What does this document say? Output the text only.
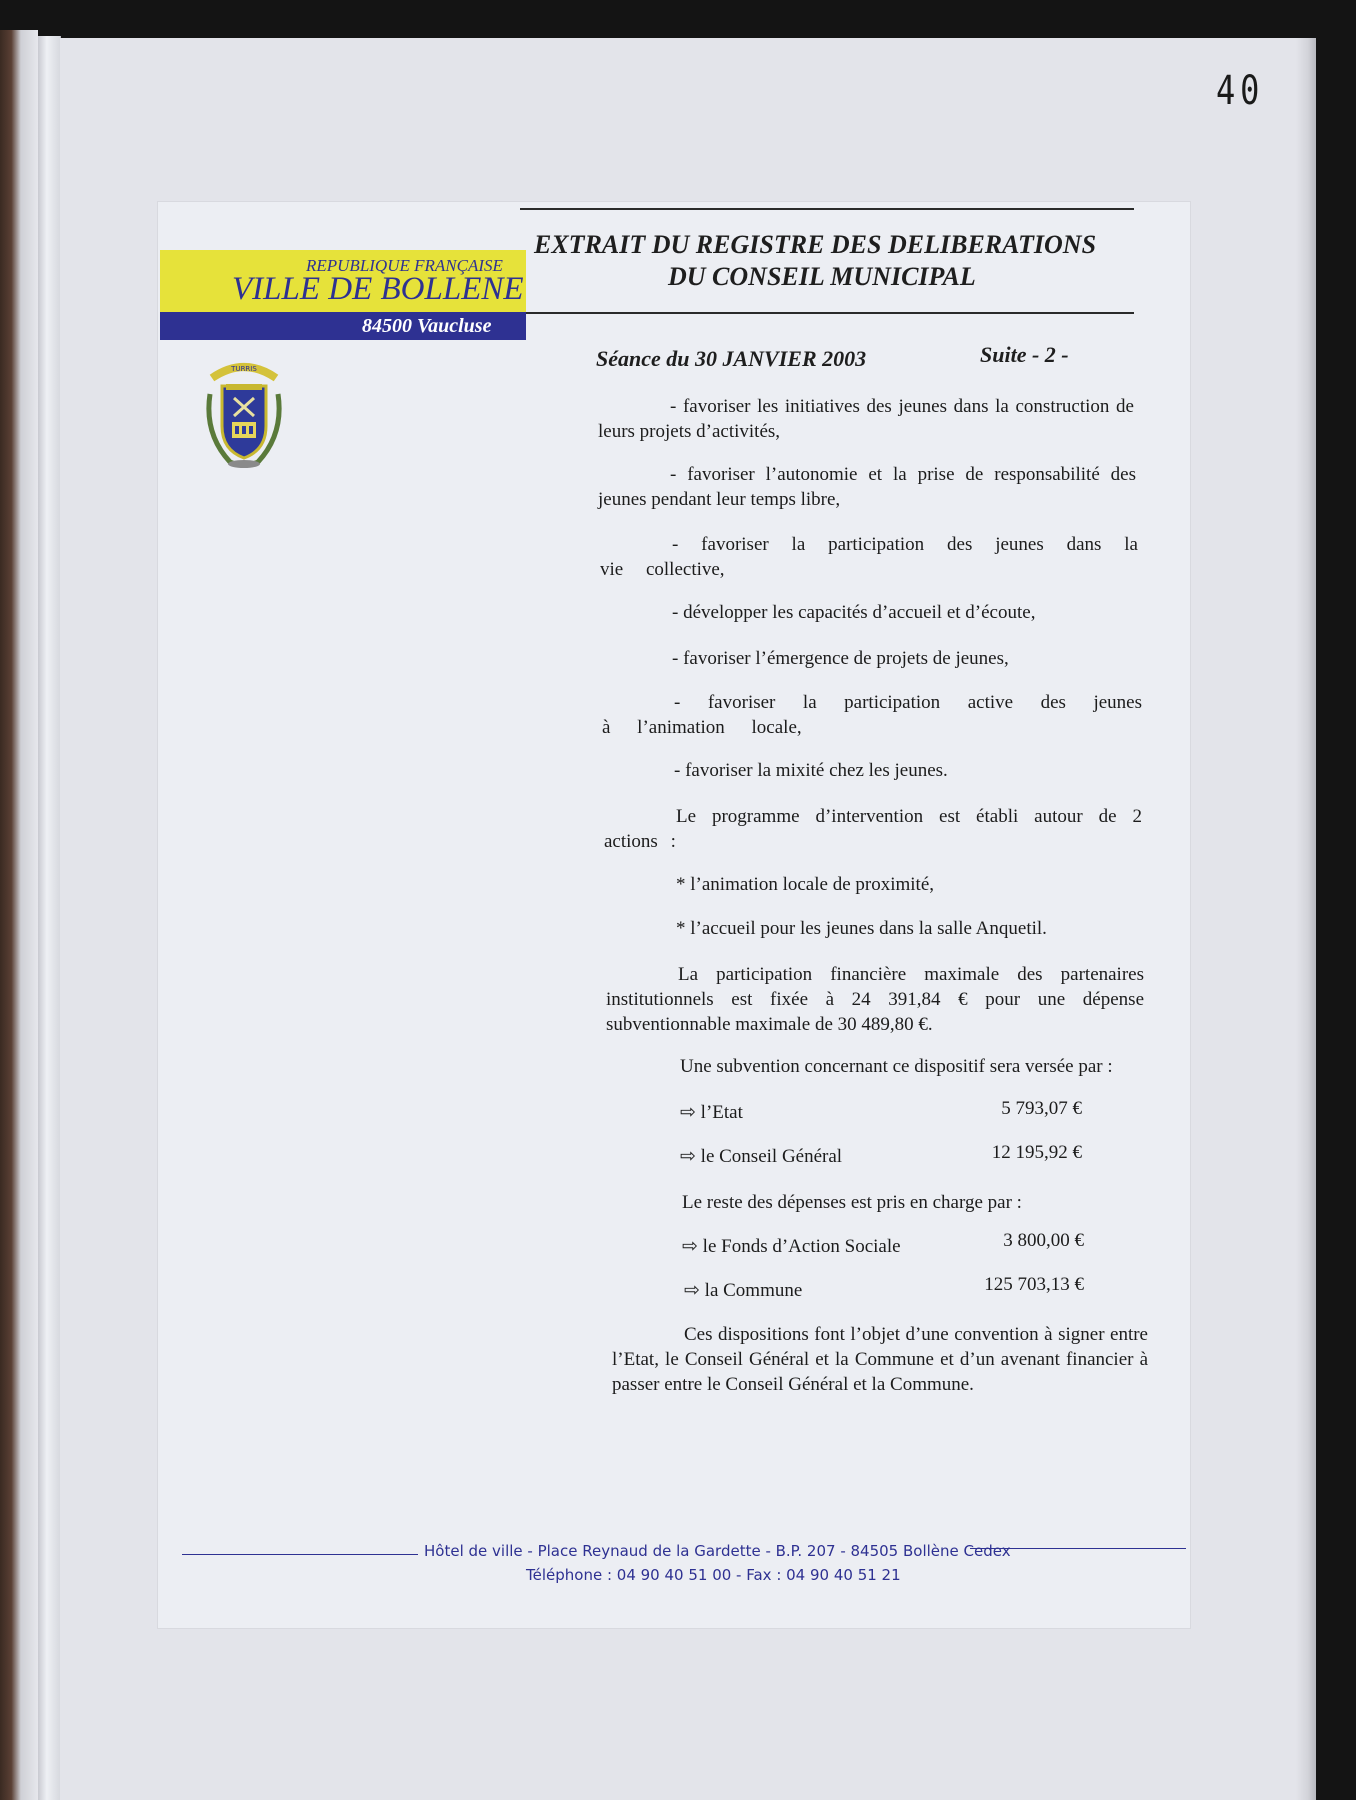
40
REPUBLIQUE FRANÇAISE
VILLE DE BOLLENE
84500 Vaucluse
TURRIS
EXTRAIT DU REGISTRE DES DELIBERATIONS
DU CONSEIL MUNICIPAL
Séance du 30 JANVIER 2003	Suite - 2 -
- favoriser les initiatives des jeunes dans la construction de leurs projets d’activités,
- favoriser l’autonomie et la prise de responsabilité des jeunes pendant leur temps libre,
- favoriser la participation des jeunes dans la vie collective,
- développer les capacités d’accueil et d’écoute,
- favoriser l’émergence de projets de jeunes,
- favoriser la participation active des jeunes à l’animation locale,
- favoriser la mixité chez les jeunes.
Le programme d’intervention est établi autour de 2 actions :
* l’animation locale de proximité,
* l’accueil pour les jeunes dans la salle Anquetil.
La participation financière maximale des partenaires institutionnels est fixée à 24 391,84 € pour une dépense subventionnable maximale de 30 489,80 €.
Une subvention concernant ce dispositif sera versée par :
⇨ l’Etat	5 793,07 €
⇨ le Conseil Général	12 195,92 €
Le reste des dépenses est pris en charge par :
⇨ le Fonds d’Action Sociale	3 800,00 €
⇨ la Commune	125 703,13 €
Ces dispositions font l’objet d’une convention à signer entre l’Etat, le Conseil Général et la Commune et d’un avenant financier à passer entre le Conseil Général et la Commune.
Hôtel de ville - Place Reynaud de la Gardette - B.P. 207 - 84505 Bollène Cedex
Téléphone : 04 90 40 51 00 - Fax : 04 90 40 51 21
